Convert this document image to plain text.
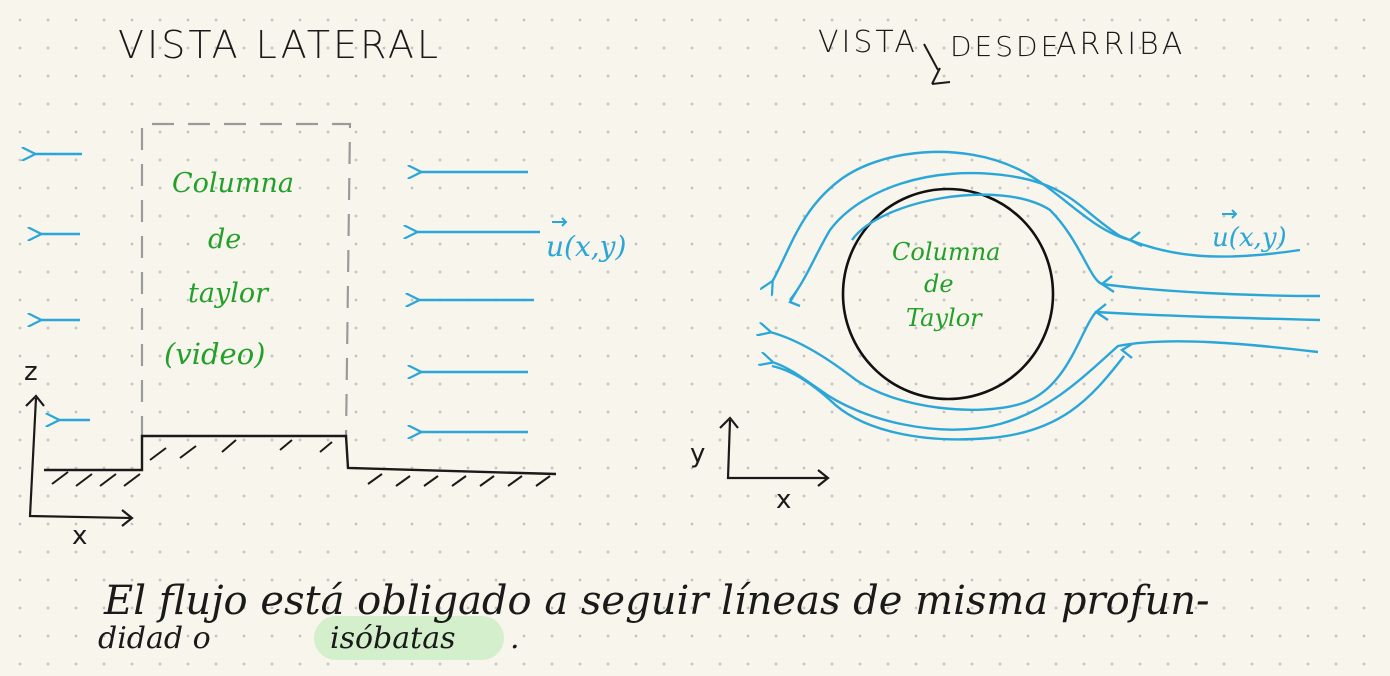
VISTA LATERAL
Columna
de
taylor
(video)
u(x,y)
z
x
VISTA DESDE
ARRIBA
Columna
de
Taylor
u(x,y)
y
x
El flujo está obligado a seguir líneas de misma profun-
didad o	isóbatas .
